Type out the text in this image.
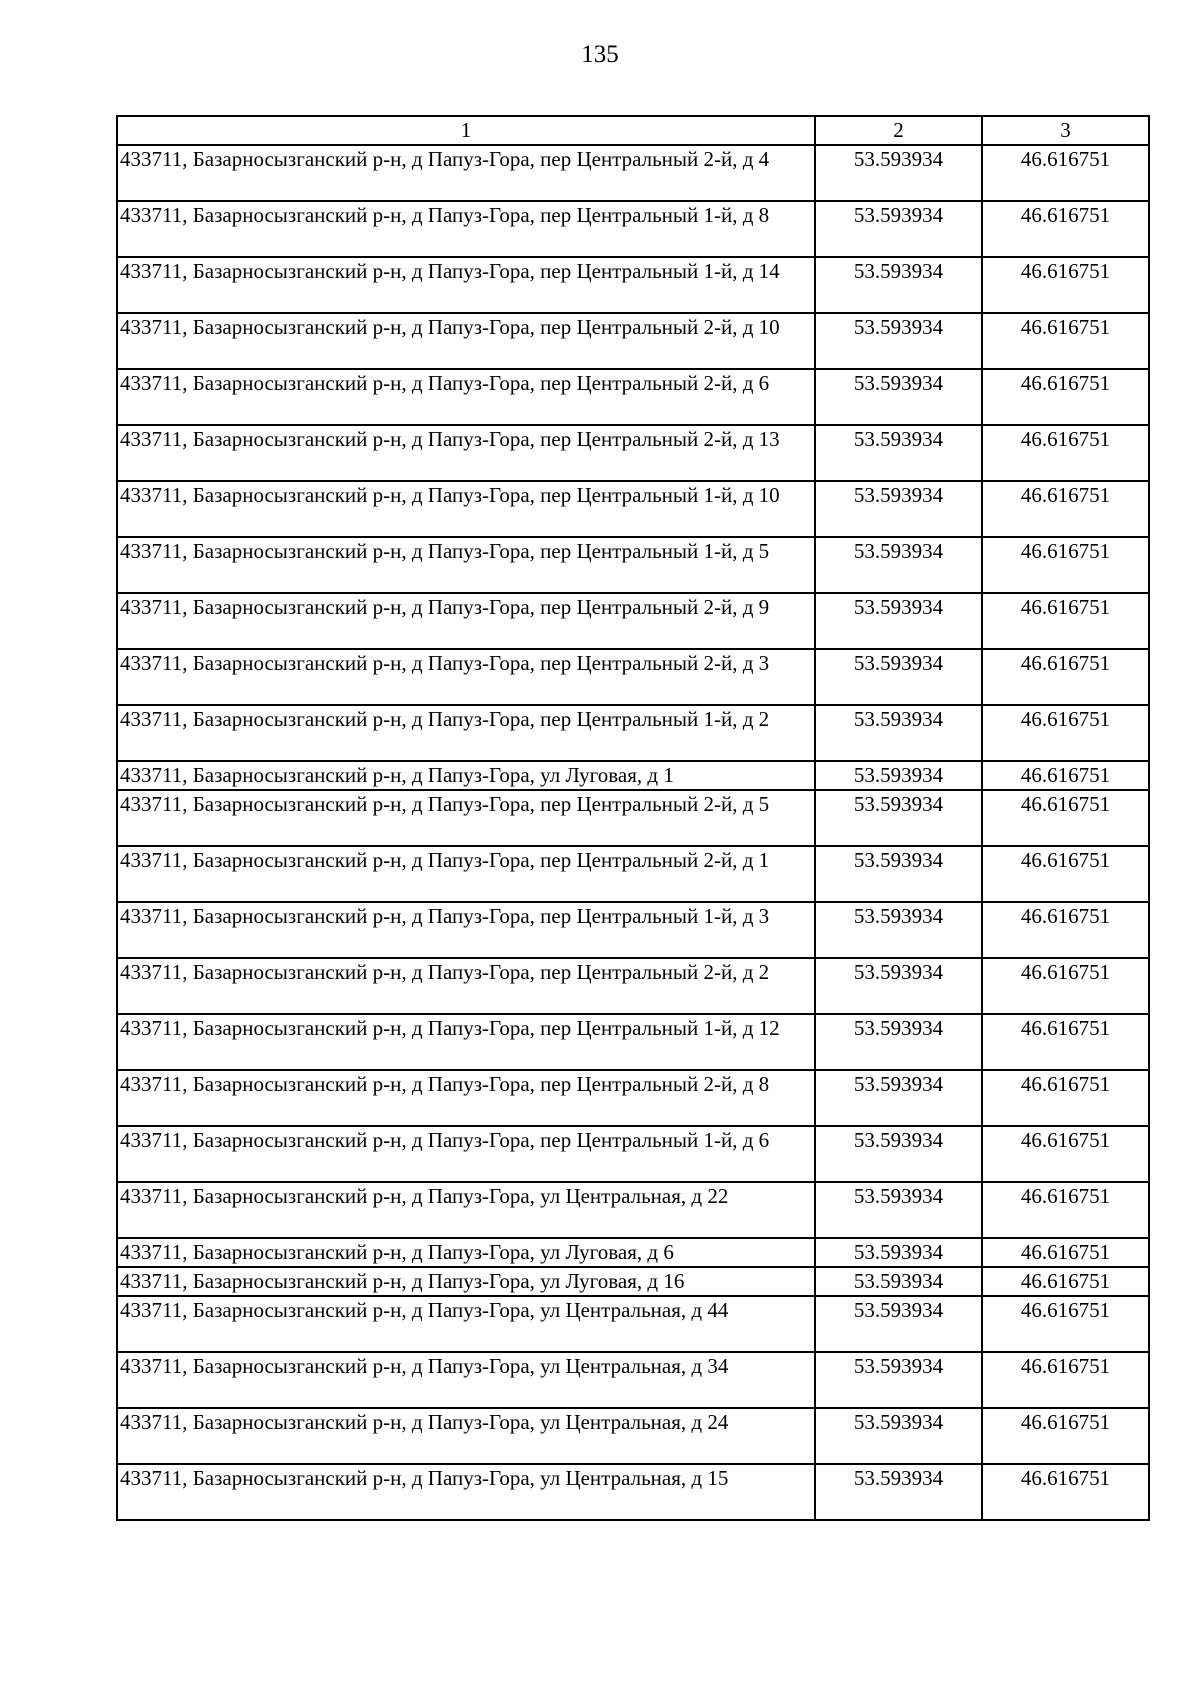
135
1	2	3
433711, Базарносызганский р-н, д Папуз-Гора, пер Центральный 2-й, д 4	53.593934	46.616751
433711, Базарносызганский р-н, д Папуз-Гора, пер Центральный 1-й, д 8	53.593934	46.616751
433711, Базарносызганский р-н, д Папуз-Гора, пер Центральный 1-й, д 14	53.593934	46.616751
433711, Базарносызганский р-н, д Папуз-Гора, пер Центральный 2-й, д 10	53.593934	46.616751
433711, Базарносызганский р-н, д Папуз-Гора, пер Центральный 2-й, д 6	53.593934	46.616751
433711, Базарносызганский р-н, д Папуз-Гора, пер Центральный 2-й, д 13	53.593934	46.616751
433711, Базарносызганский р-н, д Папуз-Гора, пер Центральный 1-й, д 10	53.593934	46.616751
433711, Базарносызганский р-н, д Папуз-Гора, пер Центральный 1-й, д 5	53.593934	46.616751
433711, Базарносызганский р-н, д Папуз-Гора, пер Центральный 2-й, д 9	53.593934	46.616751
433711, Базарносызганский р-н, д Папуз-Гора, пер Центральный 2-й, д 3	53.593934	46.616751
433711, Базарносызганский р-н, д Папуз-Гора, пер Центральный 1-й, д 2	53.593934	46.616751
433711, Базарносызганский р-н, д Папуз-Гора, ул Луговая, д 1	53.593934	46.616751
433711, Базарносызганский р-н, д Папуз-Гора, пер Центральный 2-й, д 5	53.593934	46.616751
433711, Базарносызганский р-н, д Папуз-Гора, пер Центральный 2-й, д 1	53.593934	46.616751
433711, Базарносызганский р-н, д Папуз-Гора, пер Центральный 1-й, д 3	53.593934	46.616751
433711, Базарносызганский р-н, д Папуз-Гора, пер Центральный 2-й, д 2	53.593934	46.616751
433711, Базарносызганский р-н, д Папуз-Гора, пер Центральный 1-й, д 12	53.593934	46.616751
433711, Базарносызганский р-н, д Папуз-Гора, пер Центральный 2-й, д 8	53.593934	46.616751
433711, Базарносызганский р-н, д Папуз-Гора, пер Центральный 1-й, д 6	53.593934	46.616751
433711, Базарносызганский р-н, д Папуз-Гора, ул Центральная, д 22	53.593934	46.616751
433711, Базарносызганский р-н, д Папуз-Гора, ул Луговая, д 6	53.593934	46.616751
433711, Базарносызганский р-н, д Папуз-Гора, ул Луговая, д 16	53.593934	46.616751
433711, Базарносызганский р-н, д Папуз-Гора, ул Центральная, д 44	53.593934	46.616751
433711, Базарносызганский р-н, д Папуз-Гора, ул Центральная, д 34	53.593934	46.616751
433711, Базарносызганский р-н, д Папуз-Гора, ул Центральная, д 24	53.593934	46.616751
433711, Базарносызганский р-н, д Папуз-Гора, ул Центральная, д 15	53.593934	46.616751
